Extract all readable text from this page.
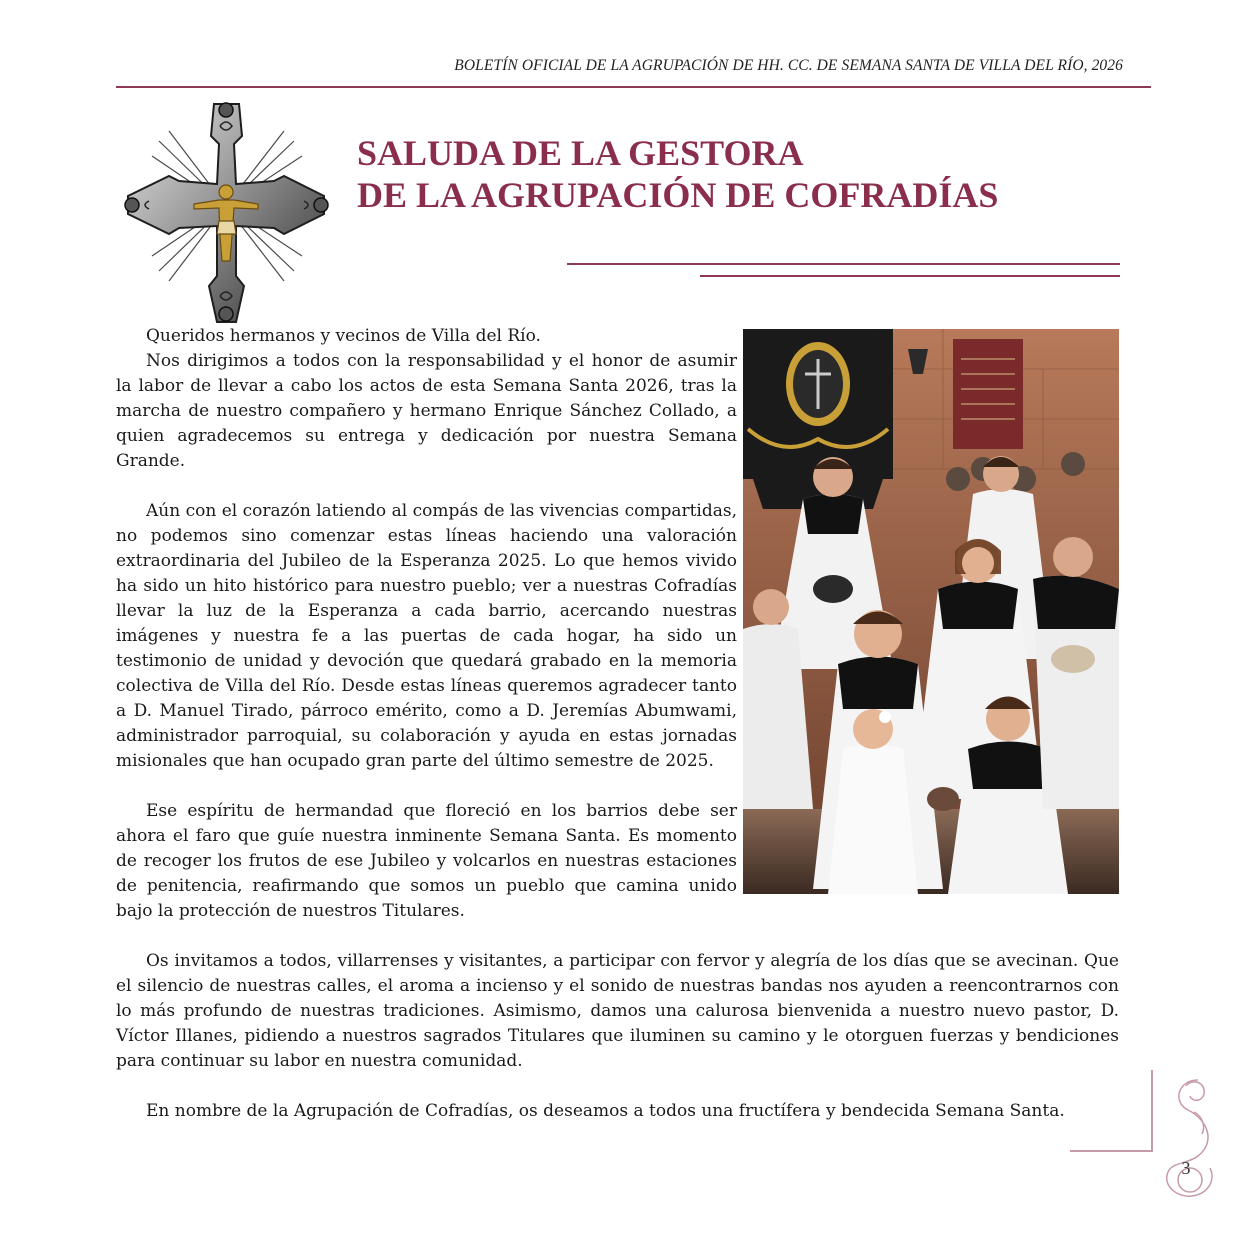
BOLETÍN OFICIAL DE LA AGRUPACIÓN DE HH. CC. DE SEMANA SANTA DE VILLA DEL RÍO, 2026
SALUDA DE LA GESTORA
DE LA AGRUPACIÓN DE COFRADÍAS

Queridos hermanos y vecinos de Villa del Río.

Nos dirigimos a todos con la responsabilidad y el honor de asumir la labor de llevar a cabo los actos de esta Semana Santa 2026, tras la marcha de nuestro compañero y hermano Enrique Sánchez Collado, a quien agradecemos su entrega y dedicación por nuestra Semana Grande.

Aún con el corazón latiendo al compás de las vivencias compartidas, no podemos sino comenzar estas líneas haciendo una valoración extraordinaria del Jubileo de la Esperanza 2025. Lo que hemos vivido ha sido un hito histórico para nuestro pueblo; ver a nuestras Cofradías llevar la luz de la Esperanza a cada barrio, acercando nuestras imágenes y nuestra fe a las puertas de cada hogar, ha sido un testimonio de unidad y devoción que quedará grabado en la memoria colectiva de Villa del Río. Desde estas líneas queremos agradecer tanto a D. Manuel Tirado, párroco emérito, como a D. Jeremías Abumwami, administrador parroquial, su colaboración y ayuda en estas jornadas misionales que han ocupado gran parte del último semestre de 2025.

Ese espíritu de hermandad que floreció en los barrios debe ser ahora el faro que guíe nuestra inminente Semana Santa. Es momento de recoger los frutos de ese Jubileo y volcarlos en nuestras estaciones de penitencia, reafirmando que somos un pueblo que camina unido bajo la protección de nuestros Titulares.

Os invitamos a todos, villarrenses y visitantes, a participar con fervor y alegría de los días que se avecinan. Que el silencio de nuestras calles, el aroma a incienso y el sonido de nuestras bandas nos ayuden a reencontrarnos con lo más profundo de nuestras tradiciones. Asimismo, damos una calurosa bienvenida a nuestro nuevo pastor, D. Víctor Illanes, pidiendo a nuestros sagrados Titulares que iluminen su camino y le otorguen fuerzas y bendiciones para continuar su labor en nuestra comunidad.

En nombre de la Agrupación de Cofradías, os deseamos a todos una fructífera y bendecida Semana Santa.

3
